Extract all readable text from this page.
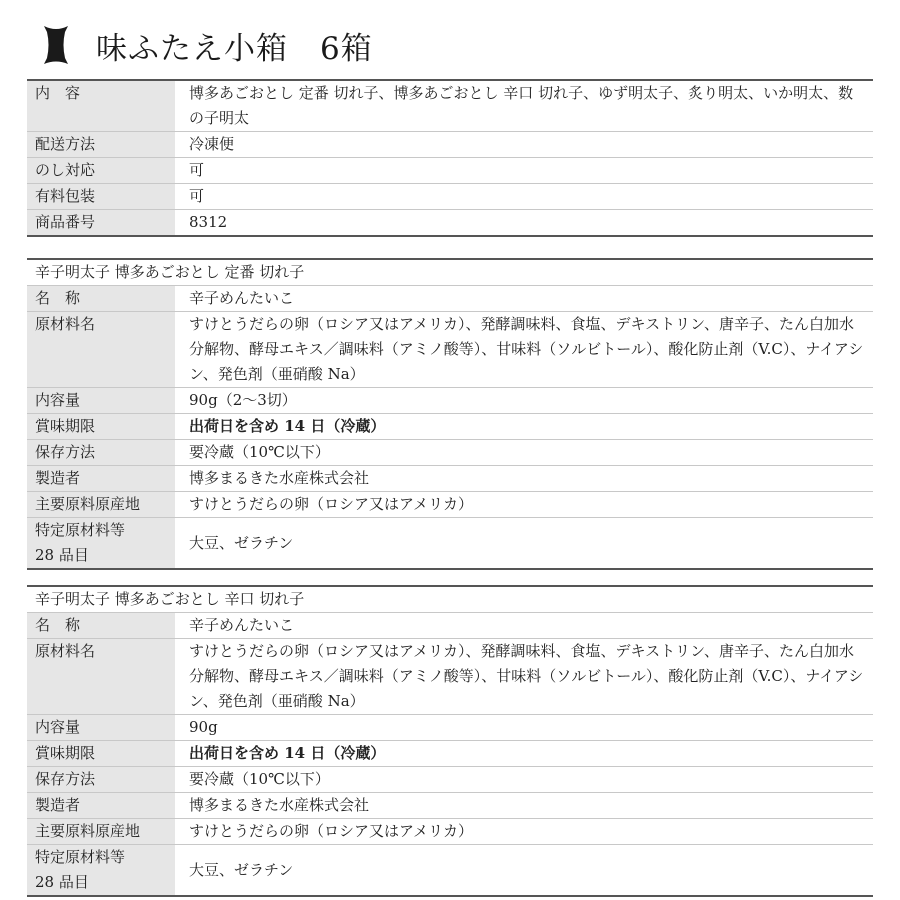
味ふたえ小箱　6箱
内　容	博多あごおとし 定番 切れ子、博多あごおとし 辛口 切れ子、ゆず明太子、炙り明太、いか明太、数の子明太
配送方法	冷凍便
のし対応	可
有料包装	可
商品番号	8312
辛子明太子 博多あごおとし 定番 切れ子	
名　称	辛子めんたいこ
原材料名	すけとうだらの卵（ロシア又はアメリカ）、発酵調味料、食塩、デキストリン、唐辛子、たん白加水分解物、酵母エキス／調味料（アミノ酸等）、甘味料（ソルビトール）、酸化防止剤（V.C）、ナイアシン、発色剤（亜硝酸 Na）
内容量	90g（2～3切）
賞味期限	出荷日を含め 14 日（冷蔵）
保存方法	要冷蔵（10℃以下）
製造者	博多まるきた水産株式会社
主要原料原産地	すけとうだらの卵（ロシア又はアメリカ）

特定原材料等
28 品目	大豆、ゼラチン
辛子明太子 博多あごおとし 辛口 切れ子	
名　称	辛子めんたいこ
原材料名	すけとうだらの卵（ロシア又はアメリカ）、発酵調味料、食塩、デキストリン、唐辛子、たん白加水分解物、酵母エキス／調味料（アミノ酸等）、甘味料（ソルビトール）、酸化防止剤（V.C）、ナイアシン、発色剤（亜硝酸 Na）
内容量	90g
賞味期限	出荷日を含め 14 日（冷蔵）
保存方法	要冷蔵（10℃以下）
製造者	博多まるきた水産株式会社
主要原料原産地	すけとうだらの卵（ロシア又はアメリカ）

特定原材料等
28 品目	大豆、ゼラチン
